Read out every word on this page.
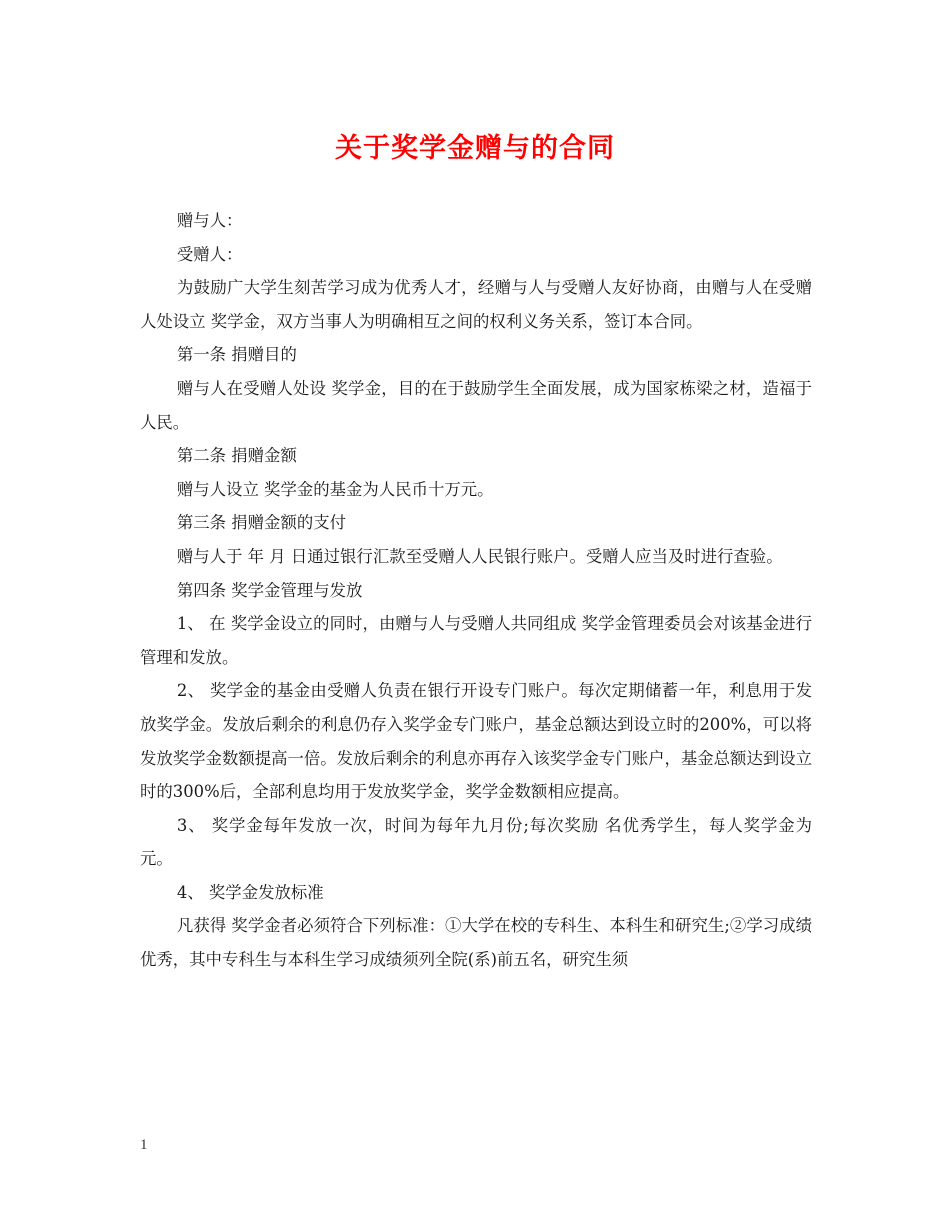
关于奖学金赠与的合同

赠与人：

受赠人：

为鼓励广大学生刻苦学习成为优秀人才，经赠与人与受赠人友好协商，由赠与人在受赠人处设立 奖学金，双方当事人为明确相互之间的权利义务关系，签订本合同。

第一条 捐赠目的

赠与人在受赠人处设 奖学金，目的在于鼓励学生全面发展，成为国家栋梁之材，造福于人民。

第二条 捐赠金额

赠与人设立 奖学金的基金为人民币十万元。

第三条 捐赠金额的支付

赠与人于 年 月 日通过银行汇款至受赠人人民银行账户。受赠人应当及时进行查验。

第四条 奖学金管理与发放

1、 在 奖学金设立的同时，由赠与人与受赠人共同组成 奖学金管理委员会对该基金进行管理和发放。

2、 奖学金的基金由受赠人负责在银行开设专门账户。每次定期储蓄一年，利息用于发放奖学金。发放后剩余的利息仍存入奖学金专门账户，基金总额达到设立时的200%，可以将发放奖学金数额提高一倍。发放后剩余的利息亦再存入该奖学金专门账户，基金总额达到设立时的300%后，全部利息均用于发放奖学金，奖学金数额相应提高。

3、 奖学金每年发放一次，时间为每年九月份;每次奖励 名优秀学生，每人奖学金为 元。

4、 奖学金发放标准

凡获得 奖学金者必须符合下列标准：①大学在校的专科生、本科生和研究生;②学习成绩优秀，其中专科生与本科生学习成绩须列全院(系)前五名，研究生须

1
